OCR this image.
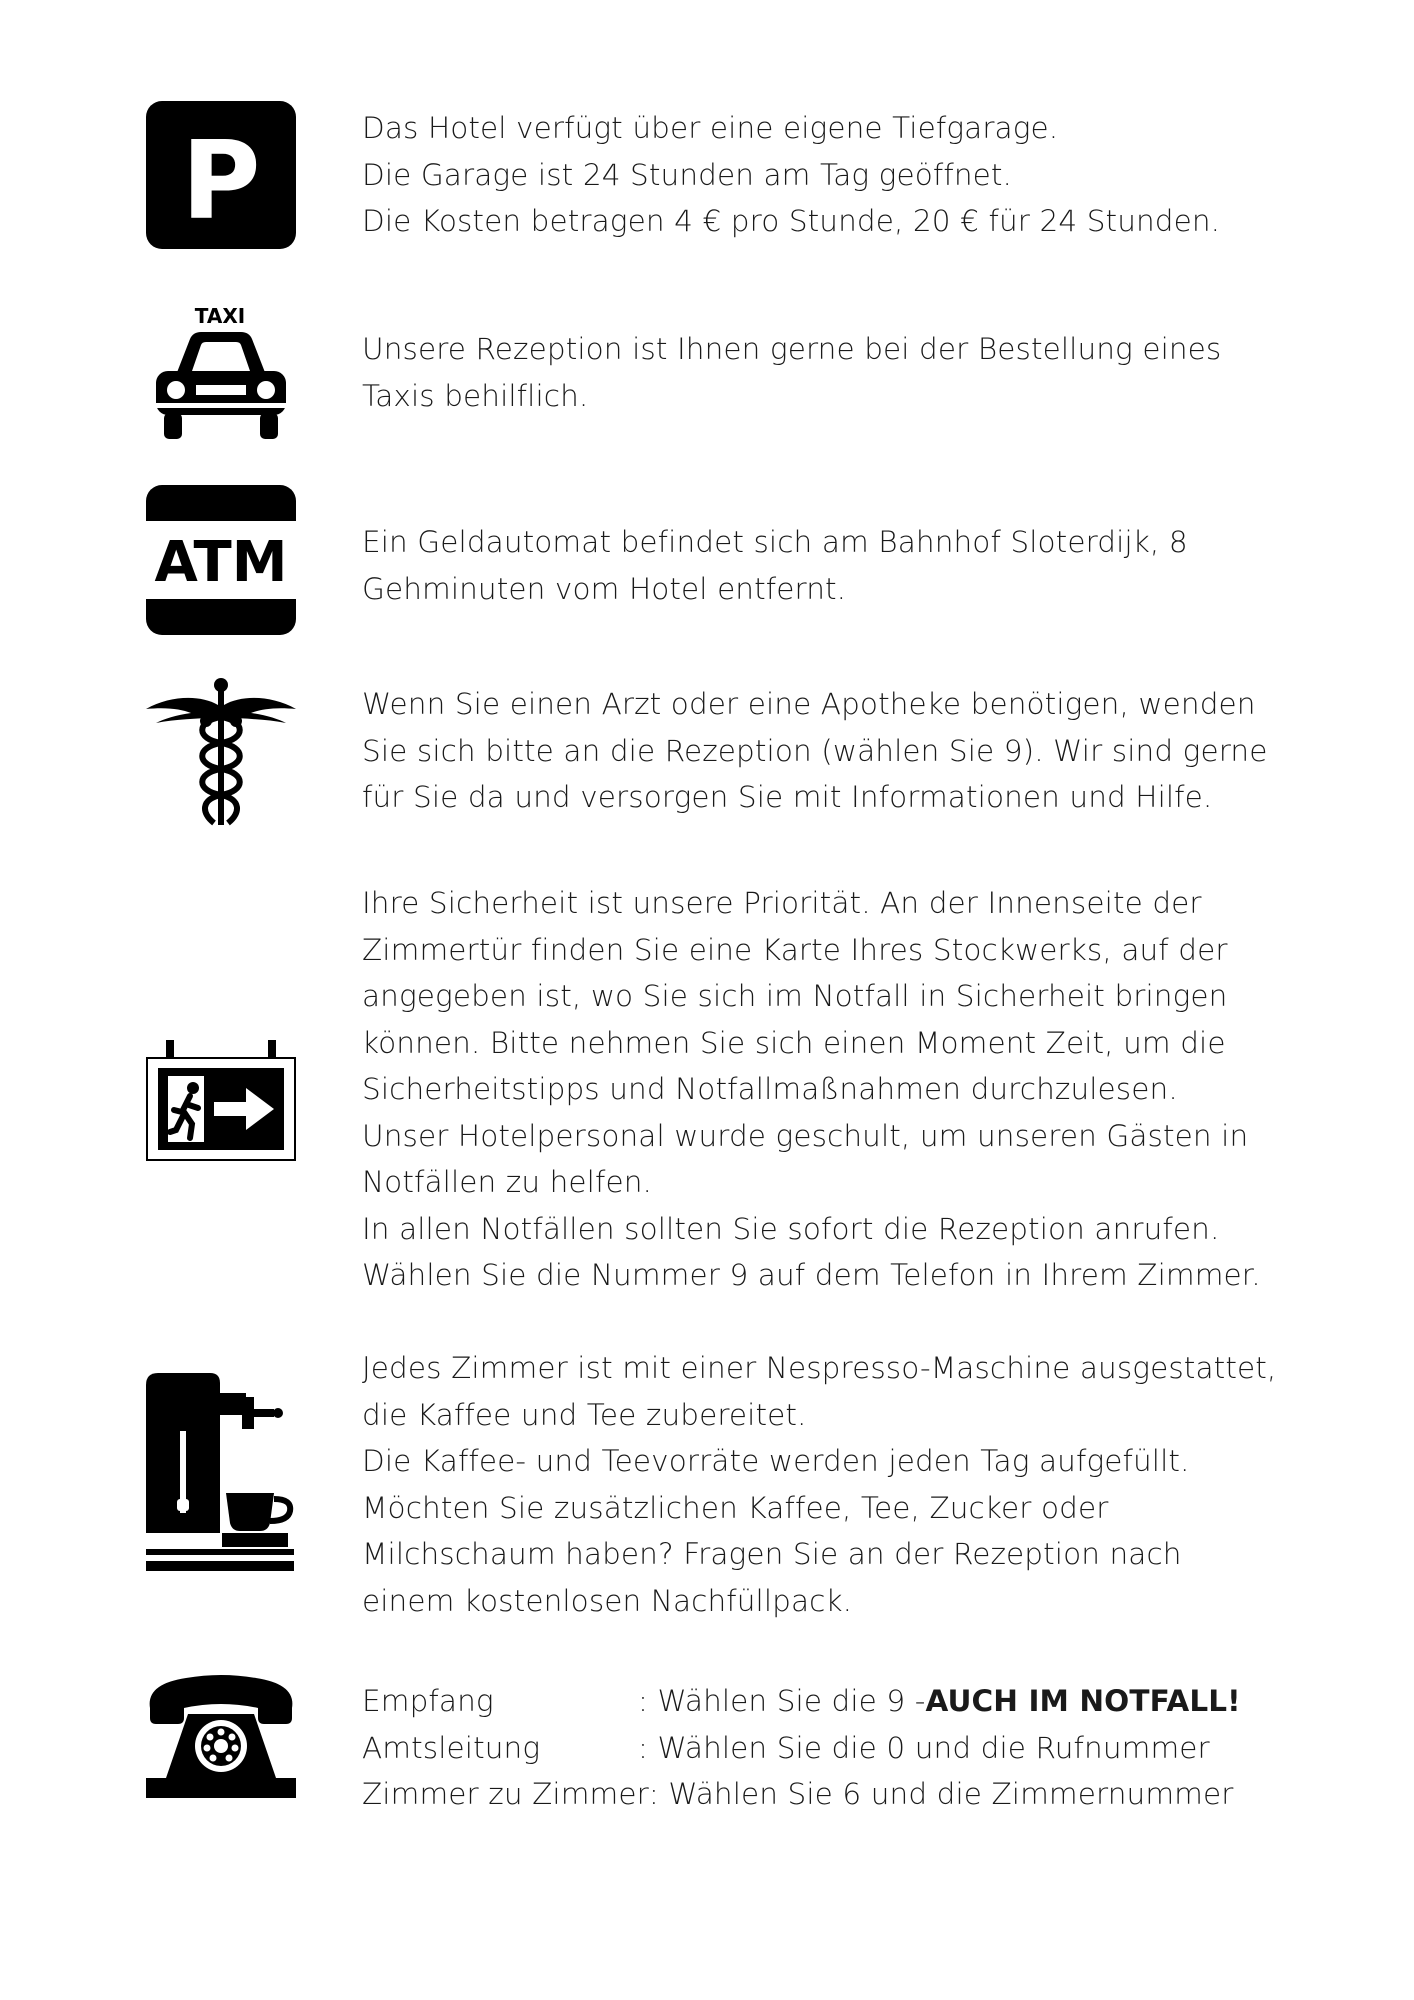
P	Das Hotel verfügt über eine eigene Tiefgarage.
Die Garage ist 24 Stunden am Tag geöffnet.
Die Kosten betragen 4 € pro Stunde, 20 € für 24 Stunden.
TAXI
Unsere Rezeption ist Ihnen gerne bei der Bestellung eines
Taxis behilflich.
ATM	Ein Geldautomat befindet sich am Bahnhof Sloterdijk, 8
Gehminuten vom Hotel entfernt.
Wenn Sie einen Arzt oder eine Apotheke benötigen, wenden
Sie sich bitte an die Rezeption (wählen Sie 9). Wir sind gerne
für Sie da und versorgen Sie mit Informationen und Hilfe.
Ihre Sicherheit ist unsere Priorität. An der Innenseite der
Zimmertür finden Sie eine Karte Ihres Stockwerks, auf der
angegeben ist, wo Sie sich im Notfall in Sicherheit bringen
können. Bitte nehmen Sie sich einen Moment Zeit, um die
Sicherheitstipps und Notfallmaßnahmen durchzulesen.
Unser Hotelpersonal wurde geschult, um unseren Gästen in
Notfällen zu helfen.
In allen Notfällen sollten Sie sofort die Rezeption anrufen.
Wählen Sie die Nummer 9 auf dem Telefon in Ihrem Zimmer.
Jedes Zimmer ist mit einer Nespresso-Maschine ausgestattet,
die Kaffee und Tee zubereitet.
Die Kaffee- und Teevorräte werden jeden Tag aufgefüllt.
Möchten Sie zusätzlichen Kaffee, Tee, Zucker oder
Milchschaum haben? Fragen Sie an der Rezeption nach
einem kostenlosen Nachfüllpack.
Empfang	: Wählen Sie die 9 - AUCH IM NOTFALL!
Amtsleitung	: Wählen Sie die 0 und die Rufnummer
Zimmer zu Zimmer : Wählen Sie 6 und die Zimmernummer
